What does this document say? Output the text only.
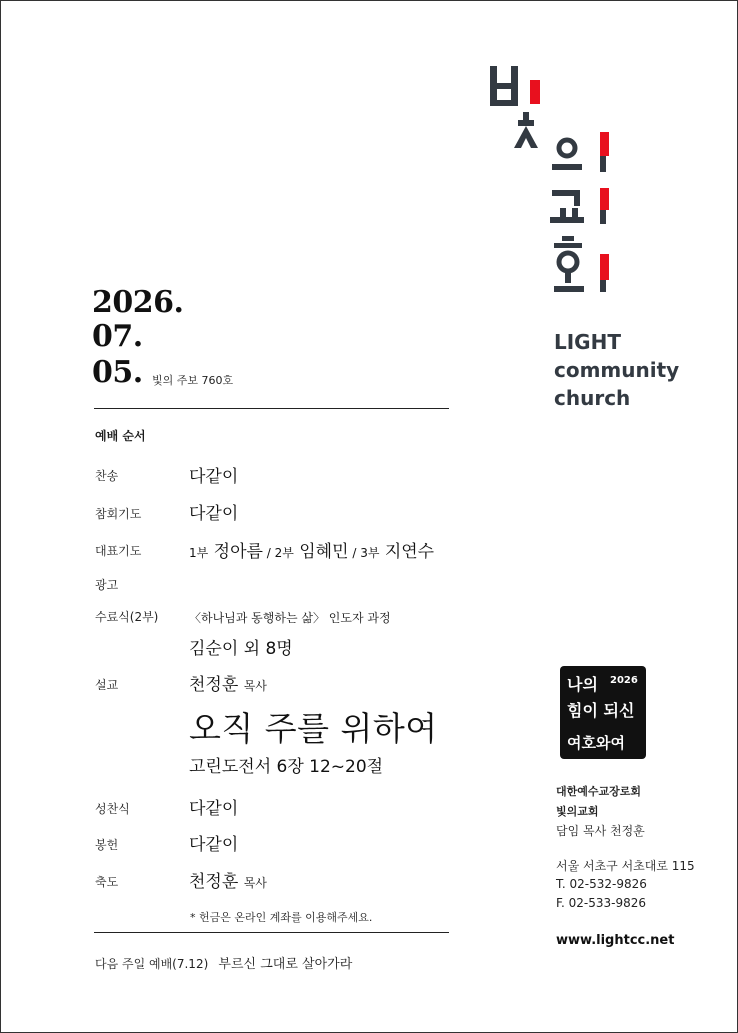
2026.
07.
05. 빛의 주보 760호
예배 순서
찬송	다같이
참회기도	다같이
대표기도	1부 정아름 / 2부 임혜민 / 3부 지연수
광고
수료식(2부)	〈하나님과 동행하는 삶〉 인도자 과정
김순이 외 8명
설교	천정훈 목사
오직 주를 위하여
고린도전서 6장 12~20절
성찬식	다같이
봉헌	다같이
축도	천정훈 목사
* 헌금은 온라인 계좌를 이용해주세요.
다음 주일 예배(7.12) 부르신 그대로 살아가라
LIGHT
community
church
나의 2026
힘이 되신
여호와여
대한예수교장로회
빛의교회
담임 목사 천정훈
서울 서초구 서초대로 115
T. 02-532-9826
F. 02-533-9826
www.lightcc.net
